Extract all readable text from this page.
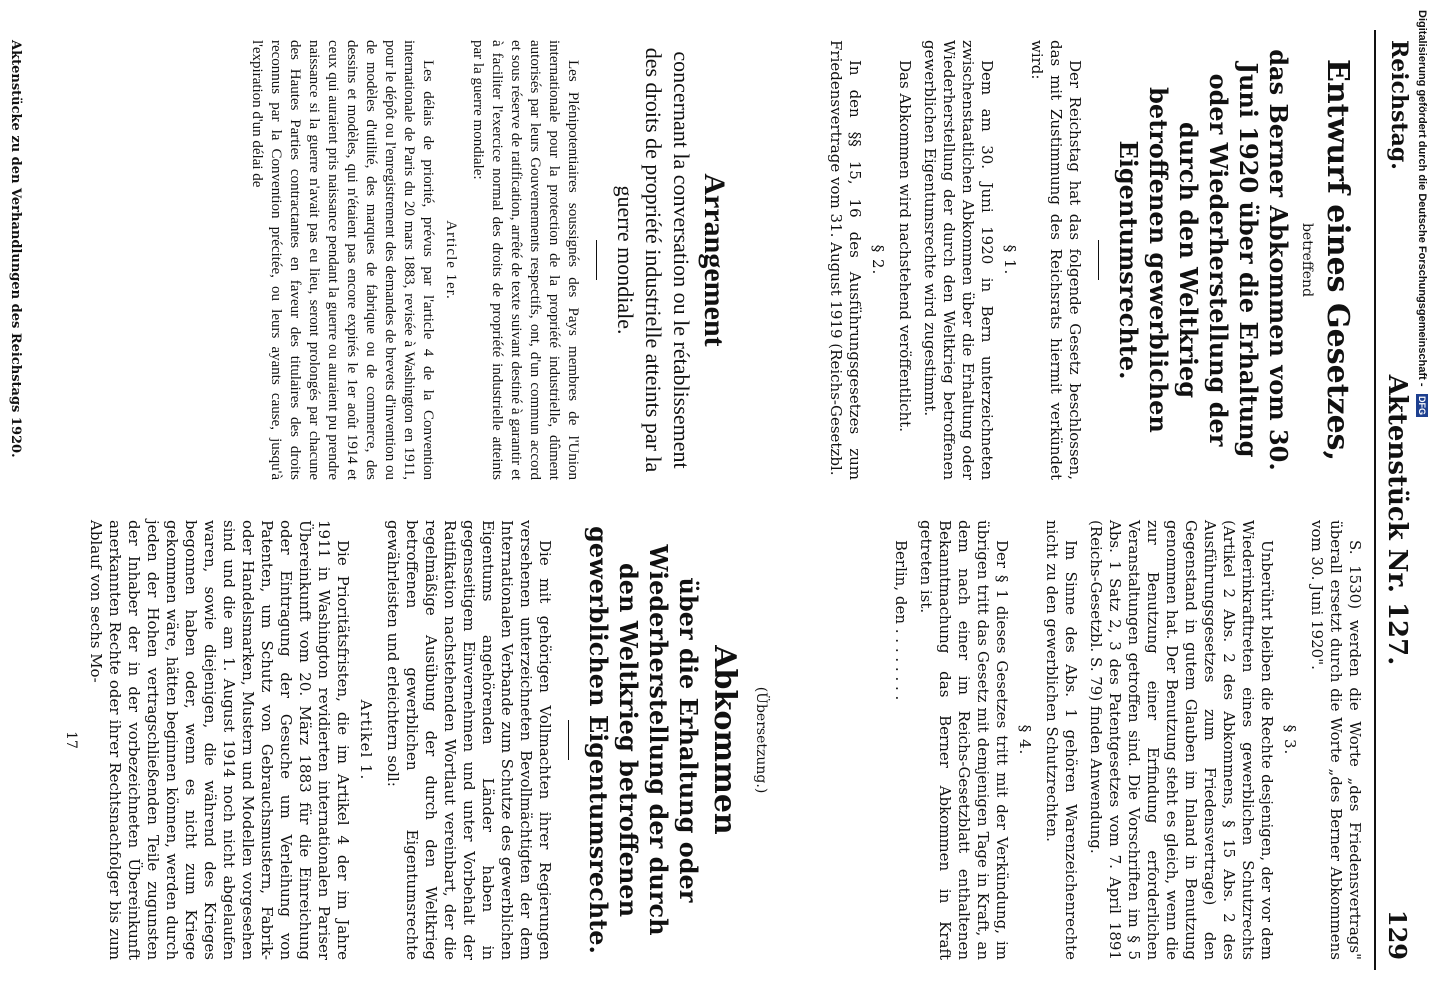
Reichstag.
Aktenstück Nr. 127.
129
Entwurf eines Gesetzes,
betreffend
das Berner Abkommen vom 30. Juni 1920 über die Erhaltung oder Wiederherstellung der durch den Weltkrieg betroffenen gewerblichen Eigentumsrechte.

Der Reichstag hat das folgende Gesetz beschlossen, das mit Zustimmung des Reichsrats hiermit verkündet wird:

§ 1.

Dem am 30. Juni 1920 in Bern unterzeichneten zwischenstaatlichen Abkommen über die Erhaltung oder Wiederherstellung der durch den Weltkrieg betroffenen gewerblichen Eigentumsrechte wird zugestimmt.

Das Abkommen wird nachstehend veröffentlicht.

§ 2.

In den §§ 15, 16 des Ausführungsgesetzes zum Friedensvertrage vom 31. August 1919 (Reichs-Gesetzbl.

S. 1530) werden die Worte „des Friedensvertrags" überall ersetzt durch die Worte „des Berner Abkommens vom 30. Juni 1920".

§ 3.

Unberührt bleiben die Rechte desjenigen, der vor dem Wiederinkrafttreten eines gewerblichen Schutzrechts (Artikel 2 Abs. 2 des Abkommens, § 15 Abs. 2 des Ausführungsgesetzes zum Friedensvertrage) den Gegenstand in gutem Glauben im Inland in Benutzung genommen hat. Der Benutzung steht es gleich, wenn die zur Benutzung einer Erfindung erforderlichen Veranstaltungen getroffen sind. Die Vorschriften im § 5 Abs. 1 Satz 2, 3 des Patentgesetzes vom 7. April 1891 (Reichs-Gesetzbl. S. 79) finden Anwendung.

Im Sinne des Abs. 1 gehören Warenzeichenrechte nicht zu den gewerblichen Schutzrechten.

§ 4.

Der § 1 dieses Gesetzes tritt mit der Verkündung, im übrigen tritt das Gesetz mit demjenigen Tage in Kraft, an dem nach einer im Reichs-Gesetzblatt enthaltenen Bekanntmachung das Berner Abkommen in Kraft getreten ist.

Berlin, den . . . . . . . .

Arrangement
concernant la conversation ou le rétablissement des droits de propriété industrielle atteints par la guerre mondiale.

Les Plénipotentiaires soussignés des Pays membres de l'Union internationale pour la protection de la propriété industrielle, dûment autorisés par leurs Gouvernements respectifs, ont, d'un commun accord et sous réserve de ratification, arrêté de texte suivant destiné à garantir et à faciliter l'exercice normal des droits de propriété industrielle atteints par la guerre mondiale:

Article 1er.

Les délais de priorité, prévus par l'article 4 de la Convention internationale de Paris du 20 mars 1883, revisée à Washington en 1911, pour le dépôt ou l'enregistrement des demandes de brevets d'invention ou de modèles d'utilité, des marques de fabrique ou de commerce, des dessins et modèles, qui n'étaient pas encore expirés le 1er août 1914 et ceux qui auraient pris naissance pendant la guerre ou auraient pu prendre naissance si la guerre n'avait pas eu lieu, seront prolongés par chacune des Hautes Parties contractantes en faveur des titulaires des droits reconnus par la Convention précitée, ou leurs ayants cause, jusqu'à l'expiration d'un délai de

(Übersetzung.)
Abkommen
über die Erhaltung oder Wiederherstellung der durch den Weltkrieg betroffenen gewerblichen Eigentumsrechte.

Die mit gehörigen Vollmachten ihrer Regierungen versehenen unterzeichneten Bevollmächtigten der dem Internationalen Verbande zum Schutze des gewerblichen Eigentums angehörenden Länder haben in gegenseitigem Einvernehmen und unter Vorbehalt der Ratifikation nachstehenden Wortlaut vereinbart, der die regelmäßige Ausübung der durch den Weltkrieg betroffenen gewerblichen Eigentumsrechte gewährleisten und erleichtern soll:

Artikel 1.

Die Prioritätsfristen, die im Artikel 4 der im Jahre 1911 in Washington revidierten internationalen Pariser Übereinkunft vom 20. März 1883 für die Einreichung oder Eintragung der Gesuche um Verleihung von Patenten, um Schutz von Gebrauchsmustern, Fabrik- oder Handelsmarken, Mustern und Modellen vorgesehen sind und die am 1. August 1914 noch nicht abgelaufen waren, sowie diejenigen, die während des Krieges begonnen haben oder, wenn es nicht zum Kriege gekommen wäre, hätten beginnen können, werden durch jeden der Hohen vertragschließenden Teile zugunsten der Inhaber der in der vorbezeichneten Übereinkunft anerkannten Rechte oder ihrer Rechtsnachfolger bis zum Ablauf von sechs Mo-

17
Aktenstücke zu den Verhandlungen des Reichstags 1920.	Digitalisierung gefördert durch die Deutsche Forschungsgemeinschaft - DFG
